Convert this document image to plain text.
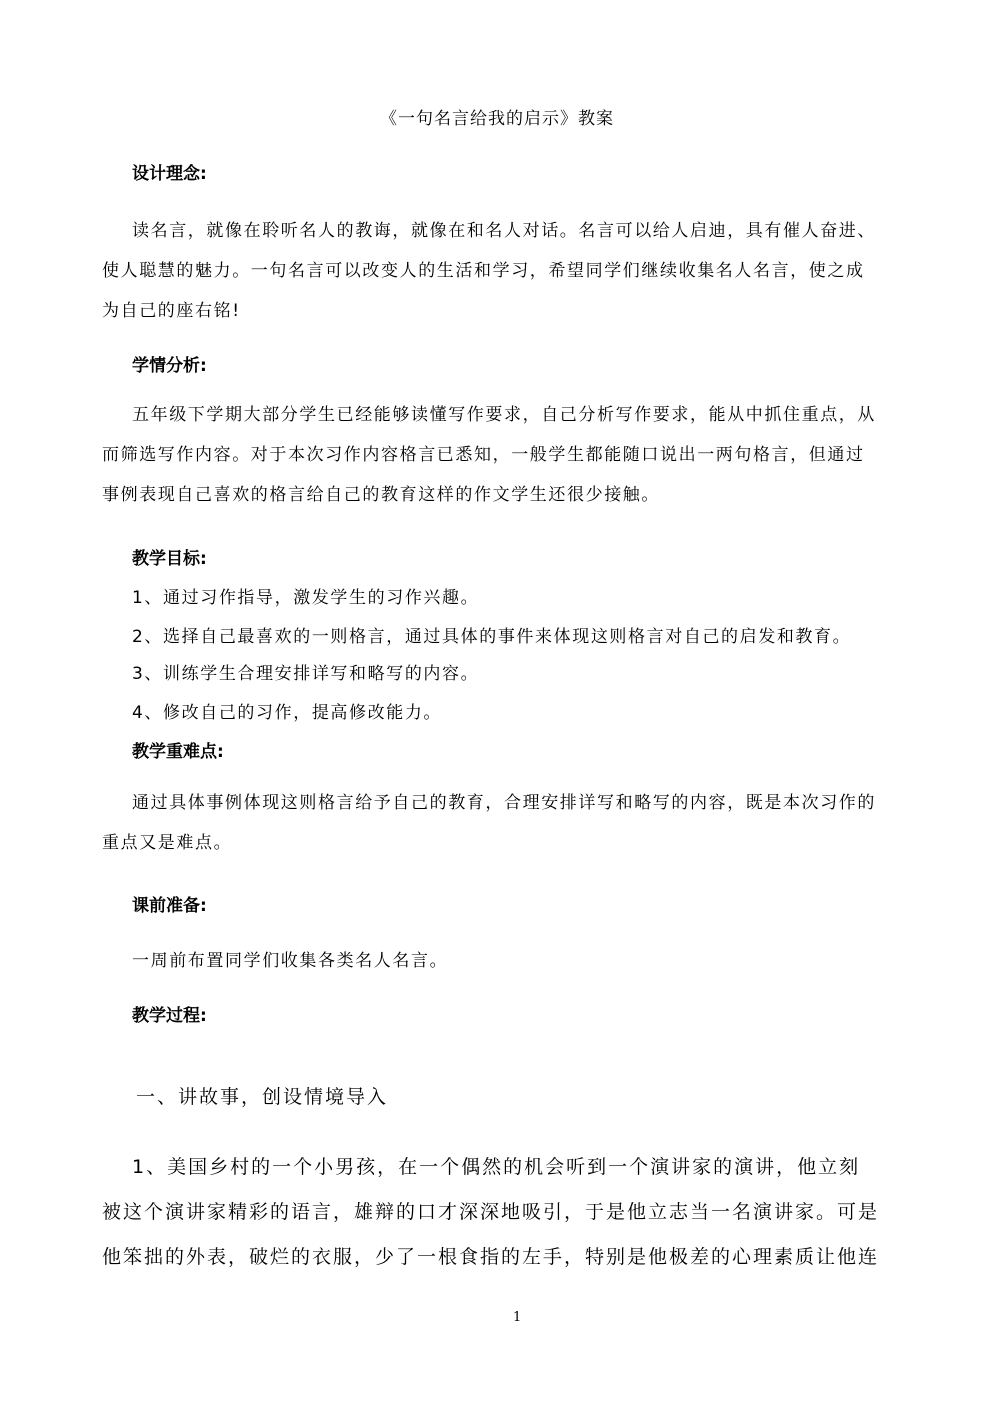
《一句名言给我的启示》教案
设计理念:
读名言，就像在聆听名人的教诲，就像在和名人对话。名言可以给人启迪，具有催人奋进、
使人聪慧的魅力。一句名言可以改变人的生活和学习，希望同学们继续收集名人名言，使之成
为自己的座右铭!
学情分析:
五年级下学期大部分学生已经能够读懂写作要求，自己分析写作要求，能从中抓住重点，从
而筛选写作内容。对于本次习作内容格言已悉知，一般学生都能随口说出一两句格言，但通过
事例表现自己喜欢的格言给自己的教育这样的作文学生还很少接触。
教学目标:
1、通过习作指导，激发学生的习作兴趣。
2、选择自己最喜欢的一则格言，通过具体的事件来体现这则格言对自己的启发和教育。
3、训练学生合理安排详写和略写的内容。
4、修改自己的习作，提高修改能力。
教学重难点:
通过具体事例体现这则格言给予自己的教育，合理安排详写和略写的内容，既是本次习作的
重点又是难点。
课前准备:
一周前布置同学们收集各类名人名言。
教学过程:
一、讲故事，创设情境导入
1、美国乡村的一个小男孩，在一个偶然的机会听到一个演讲家的演讲，他立刻
被这个演讲家精彩的语言，雄辩的口才深深地吸引，于是他立志当一名演讲家。可是
他笨拙的外表，破烂的衣服，少了一根食指的左手，特别是他极差的心理素质让他连
1
